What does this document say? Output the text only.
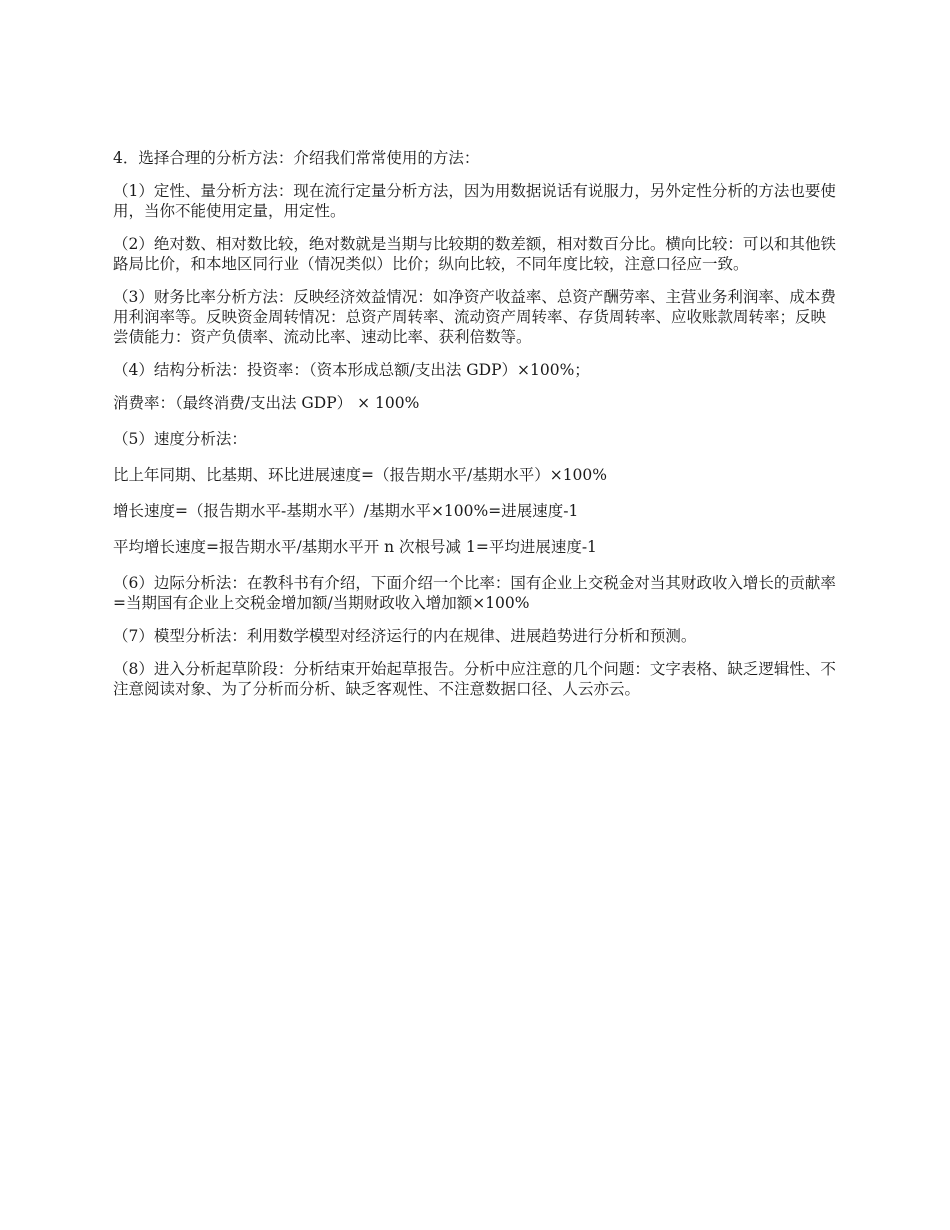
4．选择合理的分析方法：介绍我们常常使用的方法：

（1）定性、量分析方法：现在流行定量分析方法，因为用数据说话有说服力，另外定性分析的方法也要使用，当你不能使用定量，用定性。

（2）绝对数、相对数比较，绝对数就是当期与比较期的数差额，相对数百分比。横向比较：可以和其他铁路局比价，和本地区同行业（情况类似）比价；纵向比较，不同年度比较，注意口径应一致。

（3）财务比率分析方法：反映经济效益情况：如净资产收益率、总资产酬劳率、主营业务利润率、成本费用利润率等。反映资金周转情况：总资产周转率、流动资产周转率、存货周转率、应收账款周转率；反映尝债能力：资产负债率、流动比率、速动比率、获利倍数等。

（4）结构分析法：投资率：（资本形成总额/支出法 GDP）×100%；

消费率：（最终消费/支出法 GDP） × 100%

（5）速度分析法：

比上年同期、比基期、环比进展速度=（报告期水平/基期水平）×100%

增长速度=（报告期水平-基期水平）/基期水平×100%=进展速度-1

平均增长速度=报告期水平/基期水平开 n 次根号减 1=平均进展速度-1

（6）边际分析法：在教科书有介绍，下面介绍一个比率：国有企业上交税金对当其财政收入增长的贡献率=当期国有企业上交税金增加额/当期财政收入增加额×100%

（7）模型分析法：利用数学模型对经济运行的内在规律、进展趋势进行分析和预测。

（8）进入分析起草阶段：分析结束开始起草报告。分析中应注意的几个问题：文字表格、缺乏逻辑性、不注意阅读对象、为了分析而分析、缺乏客观性、不注意数据口径、人云亦云。
